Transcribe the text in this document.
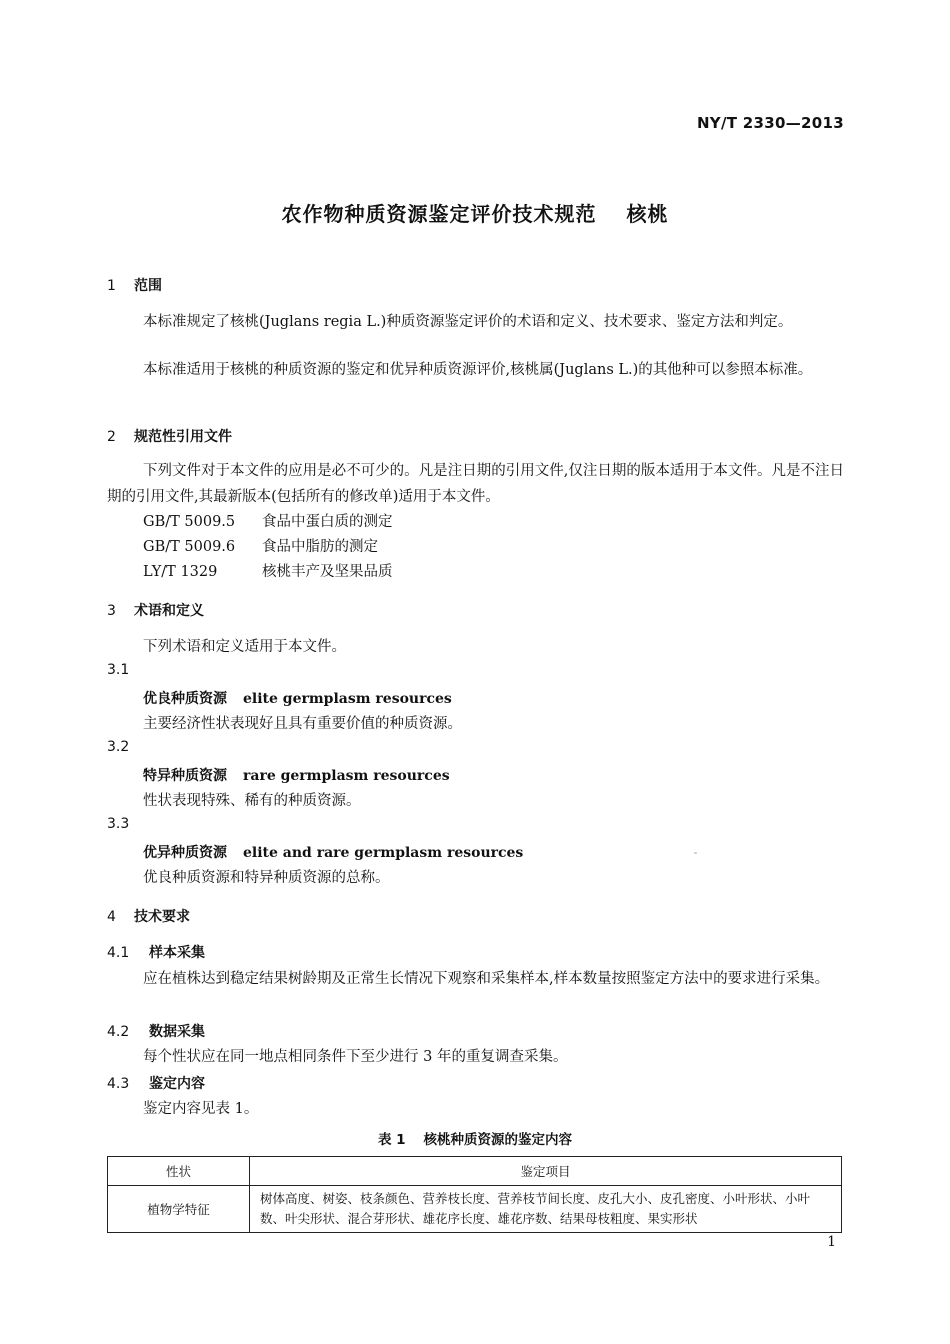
NY/T 2330—2013
农作物种质资源鉴定评价技术规范 核桃
1 范围
本标准规定了核桃(Juglans regia L.)种质资源鉴定评价的术语和定义、技术要求、鉴定方法和判定。
本标准适用于核桃的种质资源的鉴定和优异种质资源评价,核桃属(Juglans L.)的其他种可以参照本标准。
2 规范性引用文件
下列文件对于本文件的应用是必不可少的。凡是注日期的引用文件,仅注日期的版本适用于本文件。凡是不注日期的引用文件,其最新版本(包括所有的修改单)适用于本文件。
GB/T 5009.5 食品中蛋白质的测定
GB/T 5009.6 食品中脂肪的测定
LY/T 1329	核桃丰产及坚果品质
3 术语和定义
下列术语和定义适用于本文件。
3.1
优良种质资源 elite germplasm resources
主要经济性状表现好且具有重要价值的种质资源。
3.2
特异种质资源 rare germplasm resources
性状表现特殊、稀有的种质资源。
3.3
优异种质资源 elite and rare germplasm resources
优良种质资源和特异种质资源的总称。
4 技术要求
4.1 样本采集
应在植株达到稳定结果树龄期及正常生长情况下观察和采集样本,样本数量按照鉴定方法中的要求进行采集。
4.2 数据采集
每个性状应在同一地点相同条件下至少进行 3 年的重复调查采集。
4.3 鉴定内容
鉴定内容见表 1。
表 1 核桃种质资源的鉴定内容
性状	鉴定项目
植物学特征	树体高度、树姿、枝条颜色、营养枝长度、营养枝节间长度、皮孔大小、皮孔密度、小叶形状、小叶数、叶尖形状、混合芽形状、雄花序长度、雄花序数、结果母枝粗度、果实形状
1
